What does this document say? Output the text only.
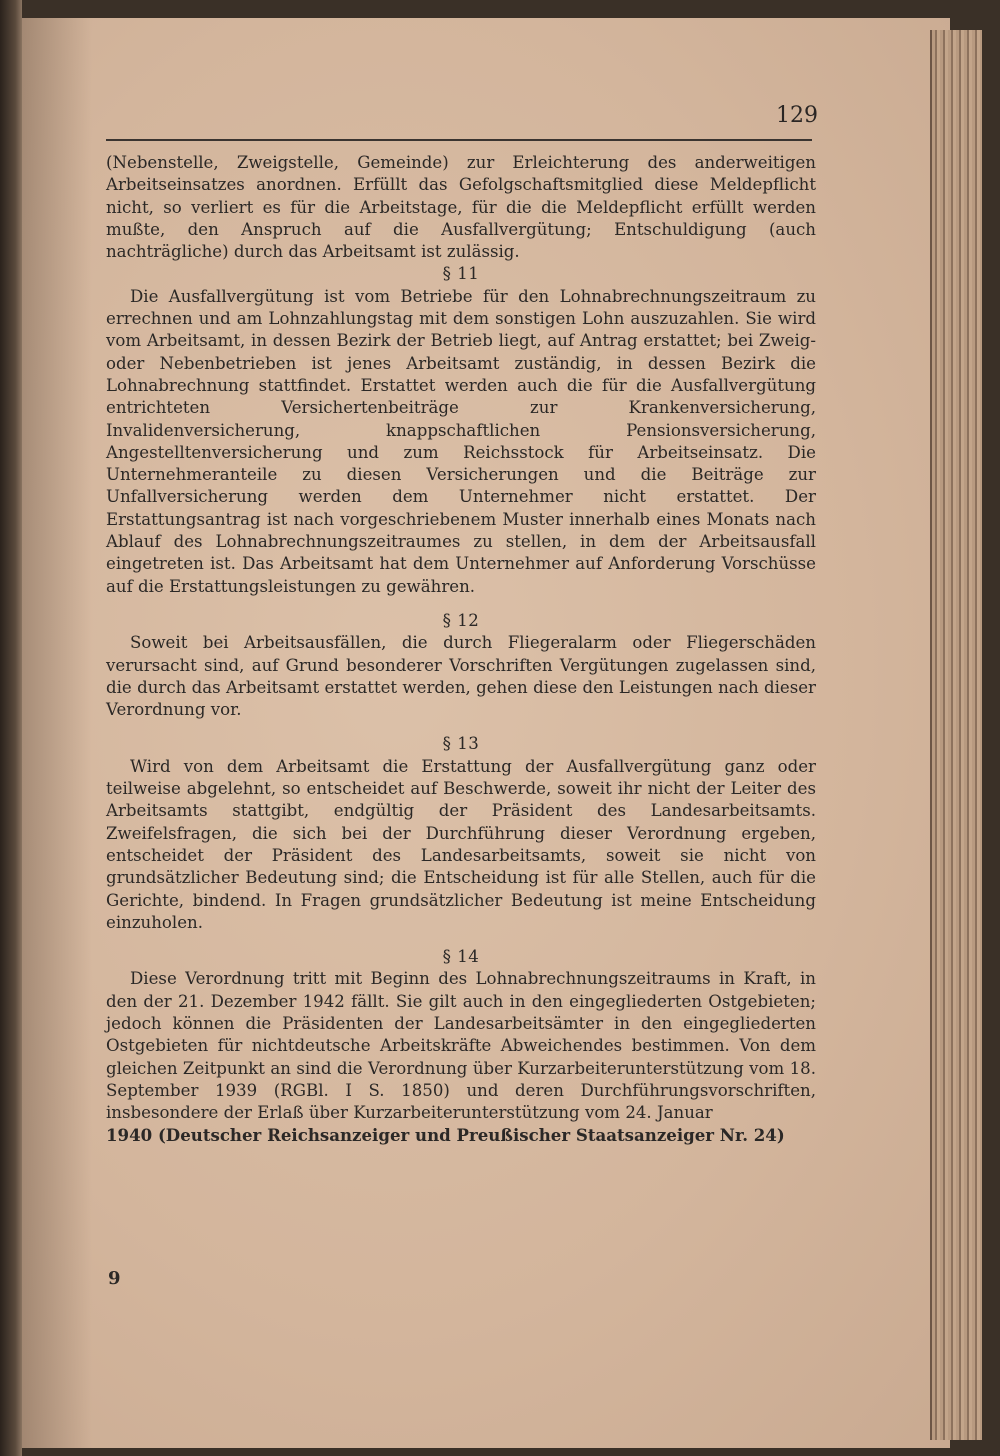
129

(Nebenstelle, Zweigstelle, Gemeinde) zur Erleichterung des anderweitigen Arbeitseinsatzes anordnen. Erfüllt das Gefolgschaftsmitglied diese Meldepflicht nicht, so verliert es für die Arbeitstage, für die die Meldepflicht erfüllt werden mußte, den Anspruch auf die Ausfallvergütung; Entschuldigung (auch nachträgliche) durch das Arbeitsamt ist zulässig.

§ 11

Die Ausfallvergütung ist vom Betriebe für den Lohnabrechnungszeitraum zu errechnen und am Lohnzahlungstag mit dem sonstigen Lohn auszuzahlen. Sie wird vom Arbeitsamt, in dessen Bezirk der Betrieb liegt, auf Antrag erstattet; bei Zweig- oder Nebenbetrieben ist jenes Arbeitsamt zuständig, in dessen Bezirk die Lohnabrechnung stattfindet. Erstattet werden auch die für die Ausfallvergütung entrichteten Versichertenbeiträge zur Krankenversicherung, Invalidenversicherung, knappschaftlichen Pensionsversicherung, Angestelltenversicherung und zum Reichsstock für Arbeitseinsatz. Die Unternehmeranteile zu diesen Versicherungen und die Beiträge zur Unfallversicherung werden dem Unternehmer nicht erstattet. Der Erstattungsantrag ist nach vorgeschriebenem Muster innerhalb eines Monats nach Ablauf des Lohnabrechnungszeitraumes zu stellen, in dem der Arbeitsausfall eingetreten ist. Das Arbeitsamt hat dem Unternehmer auf Anforderung Vorschüsse auf die Erstattungsleistungen zu gewähren.

§ 12

Soweit bei Arbeitsausfällen, die durch Fliegeralarm oder Fliegerschäden verursacht sind, auf Grund besonderer Vorschriften Vergütungen zugelassen sind, die durch das Arbeitsamt erstattet werden, gehen diese den Leistungen nach dieser Verordnung vor.

§ 13

Wird von dem Arbeitsamt die Erstattung der Ausfallvergütung ganz oder teilweise abgelehnt, so entscheidet auf Beschwerde, soweit ihr nicht der Leiter des Arbeitsamts stattgibt, endgültig der Präsident des Landesarbeitsamts. Zweifelsfragen, die sich bei der Durchführung dieser Verordnung ergeben, entscheidet der Präsident des Landesarbeitsamts, soweit sie nicht von grundsätzlicher Bedeutung sind; die Entscheidung ist für alle Stellen, auch für die Gerichte, bindend. In Fragen grundsätzlicher Bedeutung ist meine Entscheidung einzuholen.

§ 14

Diese Verordnung tritt mit Beginn des Lohnabrechnungszeitraums in Kraft, in den der 21. Dezember 1942 fällt. Sie gilt auch in den eingegliederten Ostgebieten; jedoch können die Präsidenten der Landesarbeitsämter in den eingegliederten Ostgebieten für nichtdeutsche Arbeitskräfte Abweichendes bestimmen. Von dem gleichen Zeitpunkt an sind die Verordnung über Kurzarbeiterunterstützung vom 18. September 1939 (RGBl. I S. 1850) und deren Durchführungsvorschriften, insbesondere der Erlaß über Kurzarbeiterunterstützung vom 24. Januar

1940 (Deutscher Reichsanzeiger und Preußischer Staatsanzeiger Nr. 24)

9
